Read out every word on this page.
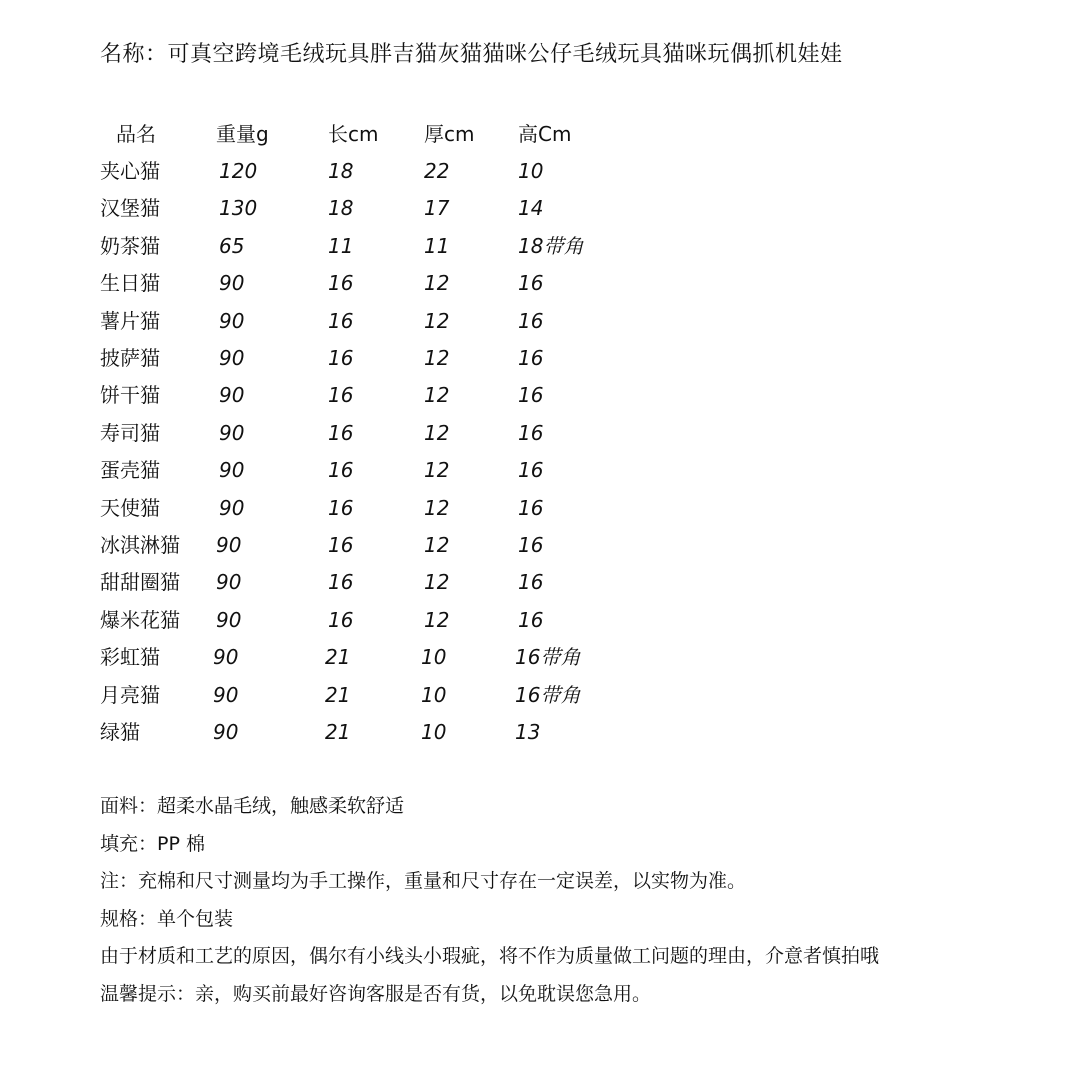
名称：可真空跨境毛绒玩具胖吉猫灰猫猫咪公仔毛绒玩具猫咪玩偶抓机娃娃
品名	重量g	长cm 厚cm 高Cm
夹心猫	120	18	22	10
汉堡猫	130	18	17	14
奶茶猫	65	11	11	18带角
生日猫	90	16	12	16
薯片猫	90	16	12	16
披萨猫	90	16	12	16
饼干猫	90	16	12	16
寿司猫	90	16	12	16
蛋壳猫	90	16	12	16
天使猫	90	16	12	16
冰淇淋猫 90	16	12	16
甜甜圈猫 90	16	12	16
爆米花猫 90	16	12	16
彩虹猫	90	21	10	16带角
月亮猫	90	21	10	16带角
绿猫	90	21	10	13
面料：超柔水晶毛绒，触感柔软舒适
填充：PP 棉
注：充棉和尺寸测量均为手工操作，重量和尺寸存在一定误差，以实物为准。
规格：单个包装
由于材质和工艺的原因，偶尔有小线头小瑕疵，将不作为质量做工问题的理由，介意者慎拍哦
温馨提示：亲，购买前最好咨询客服是否有货，以免耽误您急用。
